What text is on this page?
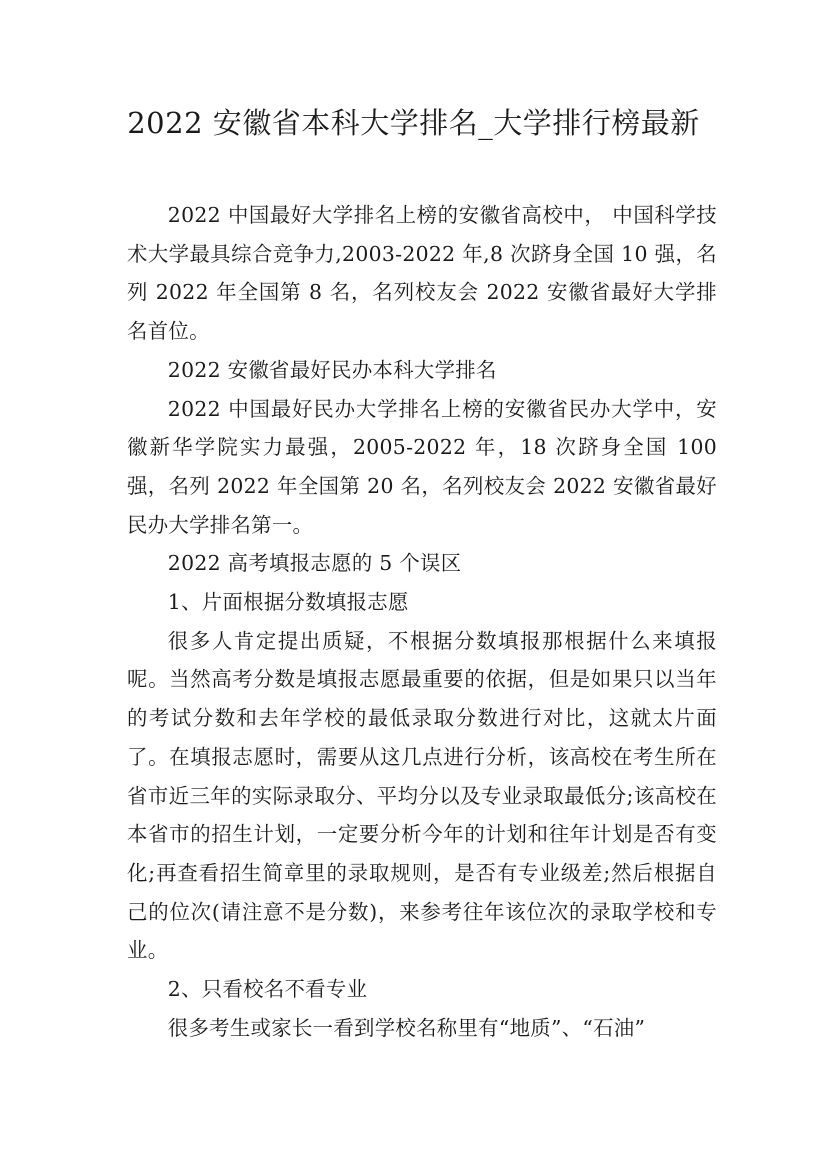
2022 安徽省本科大学排名_大学排行榜最新

2022 中国最好大学排名上榜的安徽省高校中， 中国科学技术大学最具综合竞争力,2003-2022 年,8 次跻身全国 10 强，名列 2022 年全国第 8 名，名列校友会 2022 安徽省最好大学排名首位。

2022 安徽省最好民办本科大学排名

2022 中国最好民办大学排名上榜的安徽省民办大学中，安徽新华学院实力最强，2005-2022 年，18 次跻身全国 100 强，名列 2022 年全国第 20 名，名列校友会 2022 安徽省最好民办大学排名第一。

2022 高考填报志愿的 5 个误区

1、片面根据分数填报志愿

很多人肯定提出质疑，不根据分数填报那根据什么来填报呢。当然高考分数是填报志愿最重要的依据，但是如果只以当年的考试分数和去年学校的最低录取分数进行对比，这就太片面了。在填报志愿时，需要从这几点进行分析，该高校在考生所在省市近三年的实际录取分、平均分以及专业录取最低分;该高校在本省市的招生计划，一定要分析今年的计划和往年计划是否有变化;再查看招生简章里的录取规则，是否有专业级差;然后根据自己的位次(请注意不是分数)，来参考往年该位次的录取学校和专业。

2、只看校名不看专业

很多考生或家长一看到学校名称里有“地质”、“石油”
